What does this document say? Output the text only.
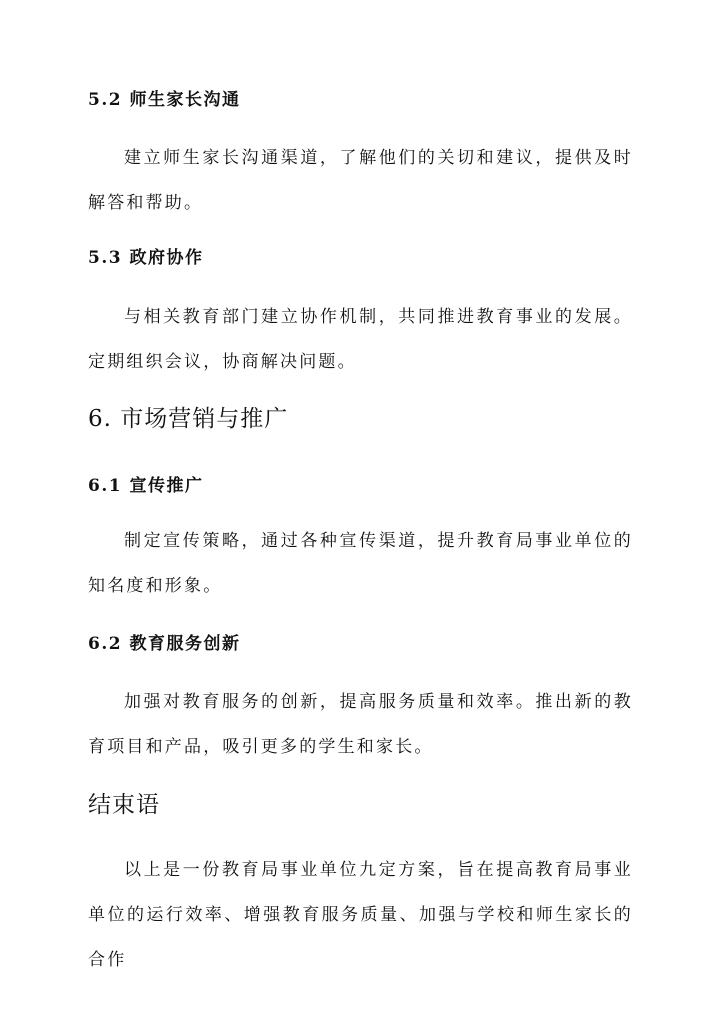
5.2 师生家长沟通
建立师生家长沟通渠道，了解他们的关切和建议，提供及时解答和帮助。
5.3 政府协作
与相关教育部门建立协作机制，共同推进教育事业的发展。定期组织会议，协商解决问题。
6. 市场营销与推广
6.1 宣传推广
制定宣传策略，通过各种宣传渠道，提升教育局事业单位的知名度和形象。
6.2 教育服务创新
加强对教育服务的创新，提高服务质量和效率。推出新的教育项目和产品，吸引更多的学生和家长。
结束语
以上是一份教育局事业单位九定方案，旨在提高教育局事业单位的运行效率、增强教育服务质量、加强与学校和师生家长的合作
